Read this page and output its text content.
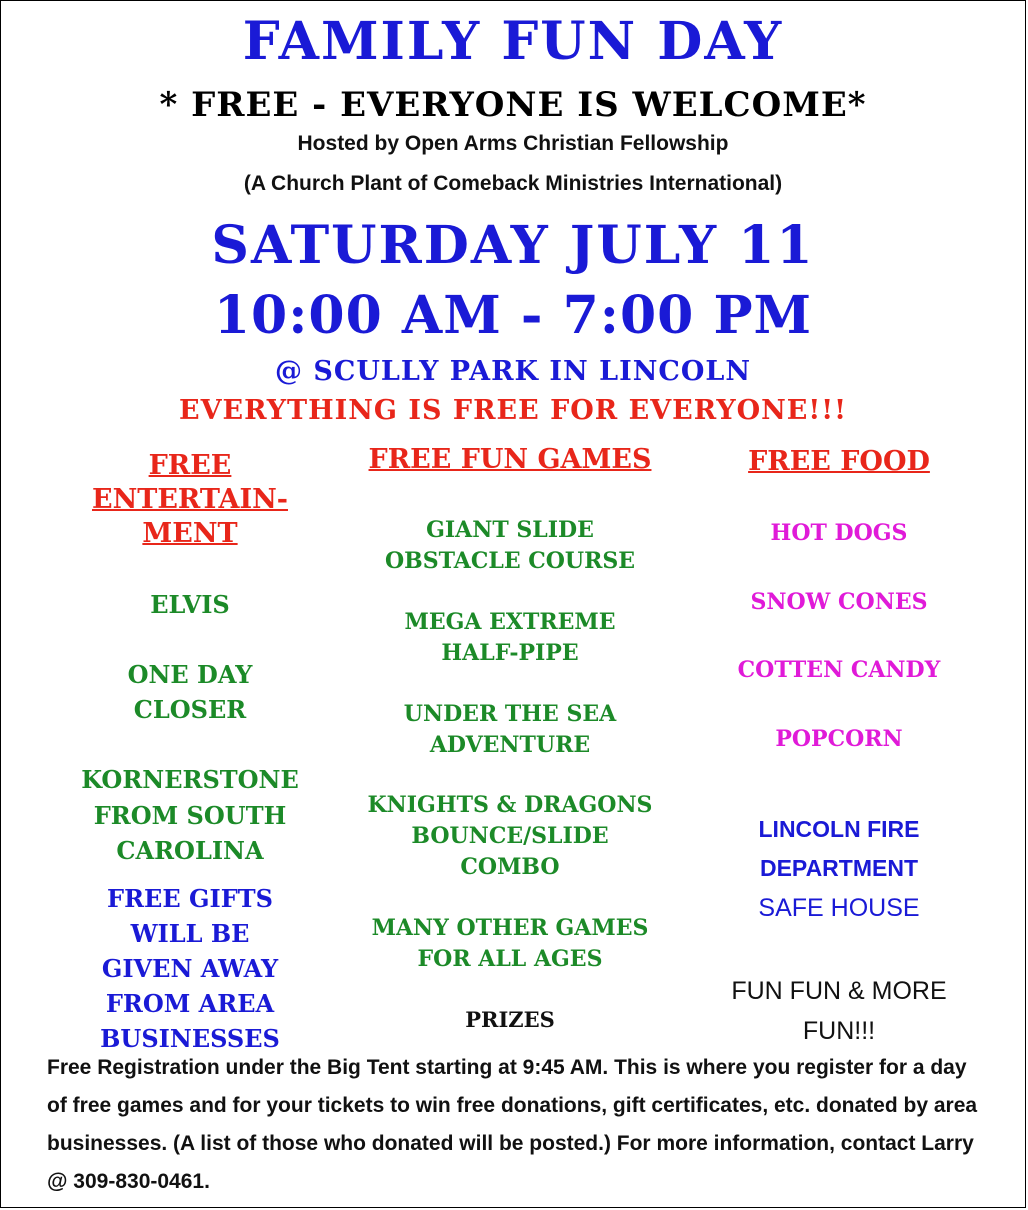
FAMILY FUN DAY
* FREE - EVERYONE IS WELCOME*
Hosted by Open Arms Christian Fellowship
(A Church Plant of Comeback Ministries International)
SATURDAY JULY 11
10:00 AM - 7:00 PM
@ SCULLY PARK IN LINCOLN
EVERYTHING IS FREE FOR EVERYONE!!!
FREE
ENTERTAIN-
MENT
ELVIS
ONE DAY
CLOSER
KORNERSTONE
FROM SOUTH
CAROLINA
FREE GIFTS
WILL BE
GIVEN AWAY
FROM AREA
BUSINESSES
FREE FUN GAMES
GIANT SLIDE
OBSTACLE COURSE
MEGA EXTREME
HALF-PIPE
UNDER THE SEA
ADVENTURE
KNIGHTS & DRAGONS
BOUNCE/SLIDE
COMBO
MANY OTHER GAMES
FOR ALL AGES
PRIZES
FREE FOOD
HOT DOGS
SNOW CONES
COTTEN CANDY
POPCORN
LINCOLN FIRE
DEPARTMENT
SAFE HOUSE
FUN FUN & MORE
FUN!!!
Free Registration under the Big Tent starting at 9:45 AM. This is where you register for a day of free games and for your tickets to win free donations, gift certificates, etc. donated by area businesses. (A list of those who donated will be posted.) For more information, contact Larry @ 309-830-0461.
